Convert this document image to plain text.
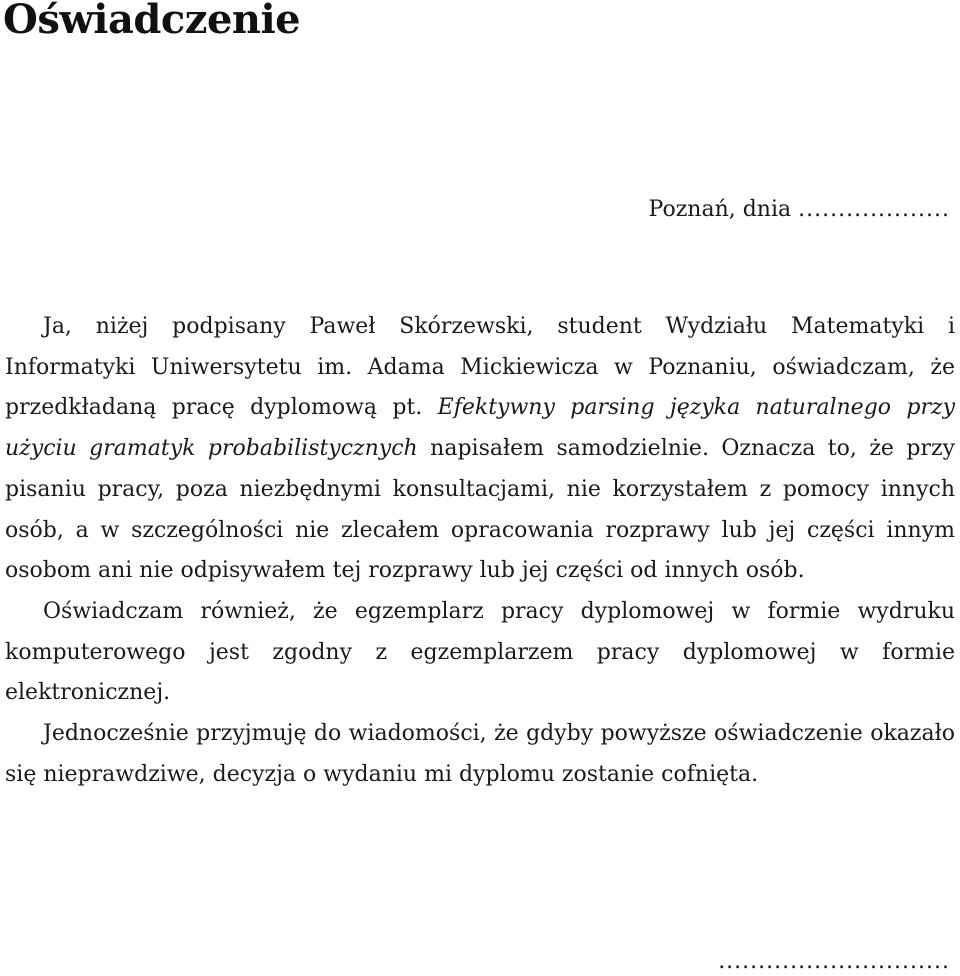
Oświadczenie
Poznań, dnia ...................

Ja, niżej podpisany Paweł Skórzewski, student Wydziału Matematyki i Informatyki Uniwersytetu im. Adama Mickiewicza w Poznaniu, oświadczam, że przedkładaną pracę dyplomową pt. Efektywny parsing języka naturalnego przy użyciu gramatyk probabilistycznych napisałem samodzielnie. Oznacza to, że przy pisaniu pracy, poza niezbędnymi konsultacjami, nie korzystałem z pomocy innych osób, a w szczególności nie zlecałem opracowania rozprawy lub jej części innym osobom ani nie odpisywałem tej rozprawy lub jej części od innych osób.

Oświadczam również, że egzemplarz pracy dyplomowej w formie wydruku komputerowego jest zgodny z egzemplarzem pracy dyplomowej w formie elektronicznej.

Jednocześnie przyjmuję do wiadomości, że gdyby powyższe oświadczenie okazało się nieprawdziwe, decyzja o wydaniu mi dyplomu zostanie cofnięta.

.............................
